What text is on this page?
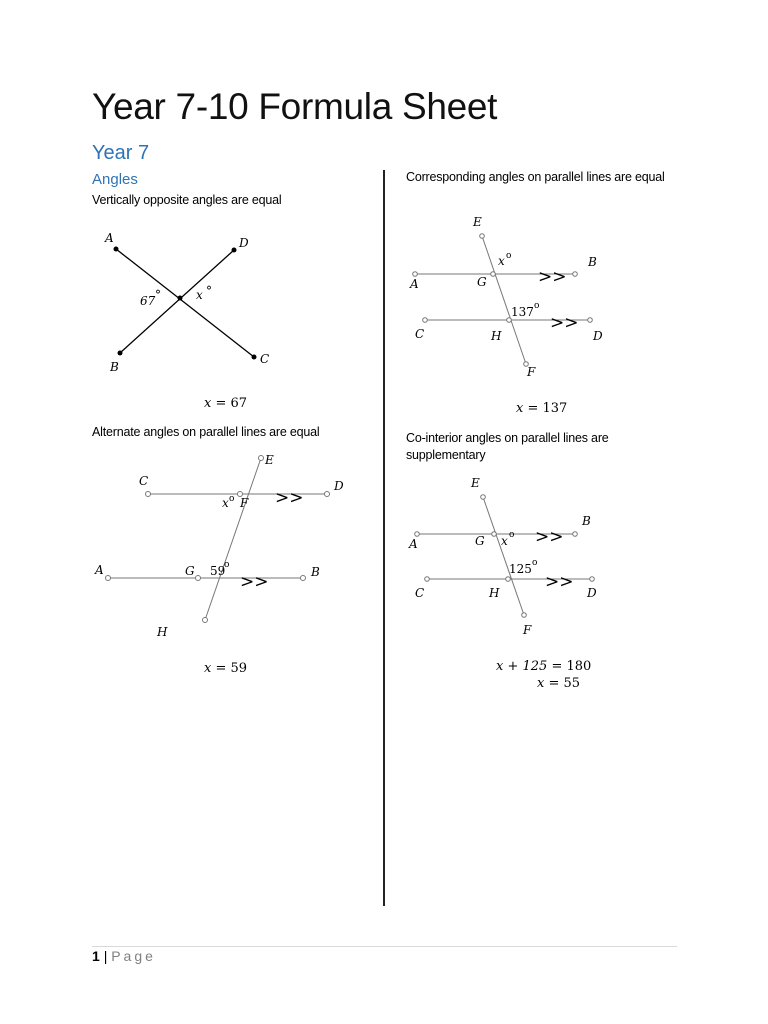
Year 7-10 Formula Sheet
Year 7
Angles
Vertically opposite angles are equal
A	D
B
C
67 °	x °
x = 67
Alternate angles on parallel lines are equal
C	D
E
F
x o >>
A	G 59
o
>>	B
H
x = 59
Corresponding angles on parallel lines are equal
E
x o	B
>>
A	G
137 o
>>
C	H	D
F
x = 137
Co-interior angles on parallel lines are supplementary
E
B
>>
A	G x o
125 o
>>
C	H	D
F
x + 125 = 180
x = 55
1 | Page
